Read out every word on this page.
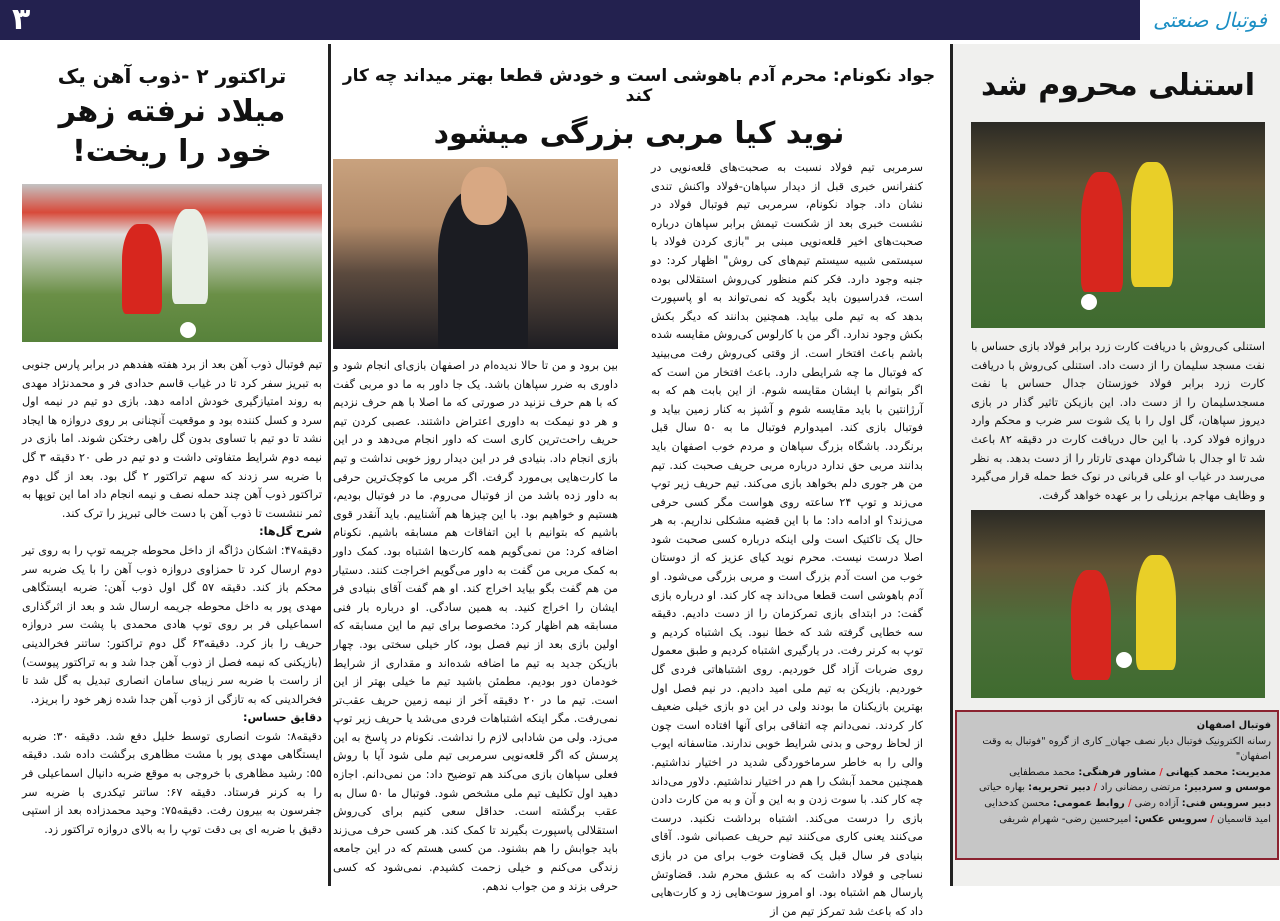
۳	فوتبال صنعتی
تراکتور ۲ -ذوب آهن یک
میلاد نرفته زهر خود را ریخت!
تیم فوتبال ذوب آهن بعد از برد هفته هفدهم در برابر پارس جنوبی به تبریز سفر کرد تا در غیاب قاسم حدادی فر و محمدنژاد مهدی به روند امتیازگیری خودش ادامه دهد. بازی دو تیم در نیمه اول سرد و کسل کننده بود و موقعیت آنچنانی بر روی دروازه ها ایجاد نشد تا دو تیم با تساوی بدون گل راهی رختکن شوند. اما بازی در نیمه دوم شرایط متفاوتی داشت و دو تیم در طی ۲۰ دقیقه ۳ گل با ضربه سر زدند که سهم تراکتور ۲ گل بود. بعد از گل دوم تراکتور ذوب آهن چند حمله نصف و نیمه انجام داد اما این توپها به ثمر ننشست تا ذوب آهن با دست خالی تبریز را ترک کند.
شرح گل‌ها:
دقیقه۴۷: اشکان دژاگه از داخل محوطه جریمه توپ را به روی تیر دوم ارسال کرد تا حمزاوی دروازه ذوب آهن را با یک ضربه سر محکم باز کند. دقیقه ۵۷ گل اول ذوب آهن: ضربه ایستگاهی مهدی پور به داخل محوطه جریمه ارسال شد و بعد از اثرگذاری اسماعیلی فر بر روی توپ هادی محمدی با پشت سر دروازه حریف را باز کرد. دقیقه۶۳ گل دوم تراکتور: ساتنر فخرالدینی (بازیکنی که نیمه فصل از ذوب آهن جدا شد و به تراکتور پیوست) از راست با ضربه سر زیبای سامان انصاری تبدیل به گل شد تا فخرالدینی که به تازگی از ذوب آهن جدا شده زهر خود را بریزد.
دقایق حساس:
دقیقه۸: شوت انصاری توسط خلیل دفع شد. دقیقه ۳۰: ضربه ایستگاهی مهدی پور با مشت مظاهری برگشت داده شد. دقیقه ۵۵: رشید مظاهری با خروجی به موقع ضربه دانیال اسماعیلی فر را به کرنر فرستاد. دقیقه ۶۷: ساتنر تیکدری با ضربه سر جفرسون به بیرون رفت. دقیقه۷۵: وحید محمدزاده بعد از استپی دقیق با ضربه ای بی دقت توپ را به بالای دروازه تراکتور زد.
جواد نکونام: محرم آدم باهوشی است و خودش قطعا بهتر میداند چه کار کند
نوید کیا مربی بزرگی میشود
سرمربی تیم فولاد نسبت به صحبت‌های قلعه‌نویی در کنفرانس خبری قبل از دیدار سپاهان-فولاد واکنش تندی نشان داد. جواد نکونام، سرمربی تیم فوتبال فولاد در نشست خبری بعد از شکست تیمش برابر سپاهان درباره صحبت‌های اخیر قلعه‌نویی مبنی بر "بازی کردن فولاد با سیستمی شبیه سیستم تیم‌های کی روش" اظهار کرد: دو جنبه وجود دارد. فکر کنم منظور کی‌روش استقلالی بوده است، فدراسیون باید بگوید که نمی‌تواند به او پاسپورت بدهد که به تیم ملی بیاید. همچنین بدانند که دیگر بکش بکش وجود ندارد. اگر من با کارلوس کی‌روش مقایسه شده باشم باعث افتخار است. از وقتی کی‌روش رفت می‌بینید که فوتبال ما چه شرایطی دارد. باعث افتخار من است که اگر بتوانم با ایشان مقایسه شوم. از این بابت هم که به آرژانتین با باید مقایسه شوم و آشپز به کنار زمین بیاید و فوتبال بازی کند. امیدوارم فوتبال ما به ۵۰ سال قبل برنگردد. باشگاه بزرگ سپاهان و مردم خوب اصفهان باید بدانند مربی حق ندارد درباره مربی حریف صحبت کند. تیم من هر جوری دلم بخواهد بازی می‌کند. تیم حریف زیر توپ می‌زند و توپ ۲۴ ساعته روی هواست مگر کسی حرفی می‌زند؟ او ادامه داد: ما با این قضیه مشکلی نداریم. به هر حال یک تاکتیک است ولی اینکه درباره کسی صحبت شود اصلا درست نیست. محرم نوید کیای عزیز که از دوستان خوب من است آدم بزرگ است و مربی بزرگی می‌شود. او آدم باهوشی است قطعا می‌داند چه کار کند. او درباره بازی گفت: در ابتدای بازی تمرکزمان را از دست دادیم. دقیقه سه خطایی گرفته شد که خطا نبود. یک اشتباه کردیم و توپ به کرنر رفت. در یارگیری اشتباه کردیم و طبق معمول روی ضربات آزاد گل خوردیم. روی اشتباهاتی فردی گل خوردیم. بازیکن به تیم ملی امید دادیم. در نیم فصل اول بهترین بازیکنان ما بودند ولی در این دو بازی خیلی ضعیف کار کردند. نمی‌دانم چه اتفاقی برای آنها افتاده است چون از لحاظ روحی و بدنی شرایط خوبی ندارند. متاسفانه ایوب والی را به خاطر سرماخوردگی شدید در اختیار نداشتیم. همچنین محمد آبشک را هم در اختیار نداشتیم. دلاور می‌داند چه کار کند. با سوت زدن و به این و آن و به من کارت دادن بازی را درست می‌کند. اشتباه برداشت نکنید. درست می‌کنند یعنی کاری می‌کنند تیم حریف عصبانی شود. آقای بنیادی فر سال قبل یک قضاوت خوب برای من در بازی نساجی و فولاد داشت که به عشق محرم شد. قضاوتش پارسال هم اشتباه بود. او امروز سوت‌هایی زد و کارت‌هایی داد که باعث شد تمرکز تیم من از
بین برود و من تا حالا ندیده‌ام در اصفهان بازی‌ای انجام شود و داوری به ضرر سپاهان باشد. یک جا داور به ما دو مربی گفت که با هم حرف نزنید در صورتی که ما اصلا با هم حرف نزدیم و هر دو نیمکت به داوری اعتراض داشتند. عصبی کردن تیم حریف راحت‌ترین کاری است که داور انجام می‌دهد و در این بازی انجام داد. بنیادی فر در این دیدار روز خوبی نداشت و تیم ما کارت‌هایی بی‌مورد گرفت. اگر مربی ما کوچک‌ترین حرفی به داور زده باشد من از فوتبال می‌روم. ما در فوتبال بودیم، هستیم و خواهیم بود. با این چیزها هم آشناییم. باید آنقدر قوی باشیم که بتوانیم با این اتفاقات هم مسابقه باشیم. نکونام اضافه کرد: من نمی‌گویم همه کارت‌ها اشتباه بود. کمک داور به کمک مربی من گفت به داور می‌گویم اخراجت کنند. دستیار من هم گفت بگو بیاید اخراج کند. او هم گفت آقای بنیادی فر ایشان را اخراج کنید. به همین سادگی. او درباره بار فنی مسابقه هم اظهار کرد: مخصوصا برای تیم ما این مسابقه که اولین بازی بعد از نیم فصل بود، کار خیلی سختی بود. چهار بازیکن جدید به تیم ما اضافه شده‌اند و مقداری از شرایط خودمان دور بودیم. مطمئن باشید تیم ما خیلی بهتر از این است. تیم ما در ۲۰ دقیقه آخر از نیمه زمین حریف عقب‌تر نمی‌رفت. مگر اینکه اشتباهات فردی می‌شد یا حریف زیر توپ می‌زد. ولی من شادابی لازم را نداشت. نکونام در پاسخ به این پرسش که اگر قلعه‌نویی سرمربی تیم ملی شود آیا با روش فعلی سپاهان بازی می‌کند هم توضیح داد: من نمی‌دانم. اجازه دهید اول تکلیف تیم ملی مشخص شود. فوتبال ما ۵۰ سال به عقب برگشته است. حداقل سعی کنیم برای کی‌روش استقلالی پاسپورت بگیرند تا کمک کند. هر کسی حرف می‌زند باید جوابش را هم بشنود. من کسی هستم که در این جامعه زندگی می‌کنم و خیلی زحمت کشیدم. نمی‌شود که کسی حرفی بزند و من جواب ندهم.
استنلی محروم شد
استنلی کی‌روش با دریافت کارت زرد برابر فولاد بازی حساس با نفت مسجد سلیمان را از دست داد. استنلی کی‌روش با دریافت کارت زرد برابر فولاد خوزستان جدال حساس با نفت مسجدسلیمان را از دست داد. این بازیکن تاثیر گذار در بازی دیروز سپاهان، گل اول را با یک شوت سر ضرب و محکم وارد دروازه فولاد کرد. با این حال دریافت کارت در دقیقه ۸۲ باعث شد تا او جدال با شاگردان مهدی تارتار را از دست بدهد. به نظر می‌رسد در غیاب او علی قربانی در نوک خط حمله قرار می‌گیرد و وظایف مهاجم برزیلی را بر عهده خواهد گرفت.
فوتبال اصفهان
رسانه الکترونیک فوتبال دیار نصف جهان_ کاری از گروه "فوتبال به وقت اصفهان"
مدیریت: محمد کیهانی / مشاور فرهنگی: محمد مصطفایی
موسس و سردبیر: مرتضی رمضانی راد / دبیر تحریریه: بهاره حیاتی
دبیر سرویس فنی: آزاده رضی / روابط عمومی: محسن کدخدایی
امید قاسمیان / سرویس عکس: امیرحسین رضی- شهرام شریفی
